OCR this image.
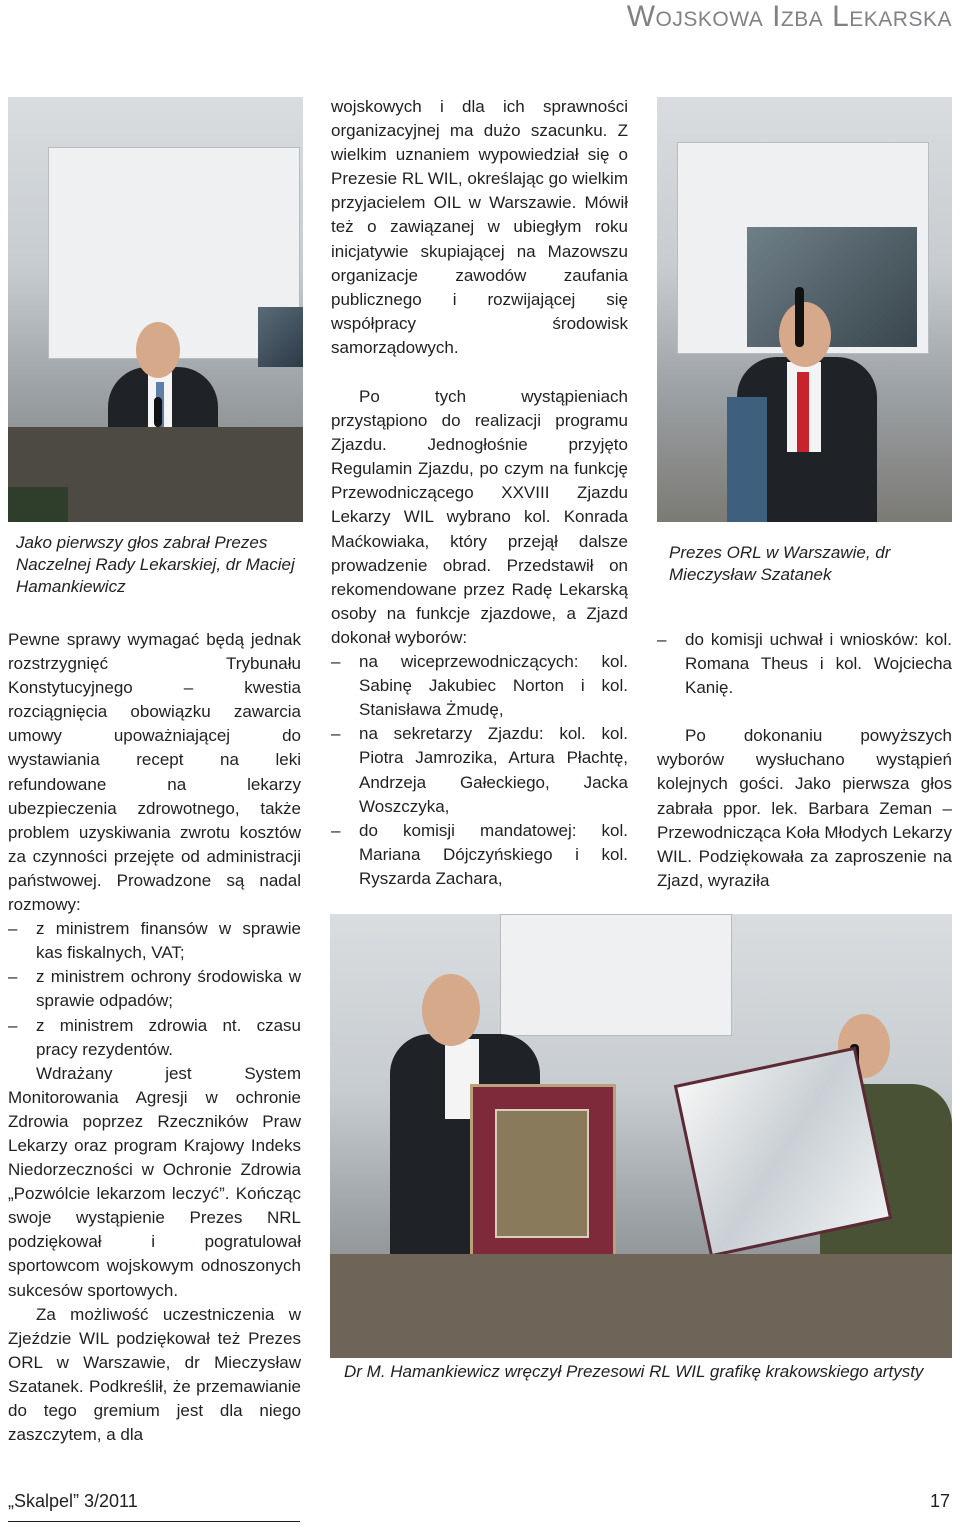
Wojskowa Izba Lekarska
Jako pierwszy głos zabrał Prezes Naczelnej Rady Lekarskiej, dr Maciej Hamankiewicz
Prezes ORL w Warszawie, dr Mieczysław Szatanek
Dr M. Hamankiewicz wręczył Prezesowi RL WIL grafikę krakowskiego artysty

wojskowych i dla ich sprawności organizacyjnej ma dużo szacunku. Z wielkim uznaniem wypowiedział się o Prezesie RL WIL, określając go wielkim przyjacielem OIL w Warszawie. Mówił też o zawiązanej w ubiegłym roku inicjatywie skupiającej na Mazowszu organizacje zawodów zaufania publicznego i rozwijającej się współpracy środowisk samorządowych.

Po tych wystąpieniach przystąpiono do realizacji programu Zjazdu. Jednogłośnie przyjęto Regulamin Zjazdu, po czym na funkcję Przewodniczącego XXVIII Zjazdu Lekarzy WIL wybrano kol. Konrada Maćkowiaka, który przejął dalsze prowadzenie obrad. Przedstawił on rekomendowane przez Radę Lekarską osoby na funkcje zjazdowe, a Zjazd dokonał wyborów:

– na wiceprzewodniczących: kol. Sabinę Jakubiec Norton i kol. Stanisława Żmudę,
– na sekretarzy Zjazdu: kol. kol. Piotra Jamrozika, Artura Płachtę, Andrzeja Gałeckiego, Jacka Woszczyka,
– do komisji mandatowej: kol. Mariana Dójczyńskiego i kol. Ryszarda Zachara,

Pewne sprawy wymagać będą jednak rozstrzygnięć Trybunału Konstytucyjnego – kwestia rozciągnięcia obowiązku zawarcia umowy upoważniającej do wystawiania recept na leki refundowane na lekarzy ubezpieczenia zdrowotnego, także problem uzyskiwania zwrotu kosztów za czynności przejęte od administracji państwowej. Prowadzone są nadal rozmowy:

– z ministrem finansów w sprawie kas fiskalnych, VAT;
– z ministrem ochrony środowiska w sprawie odpadów;
– z ministrem zdrowia nt. czasu pracy rezydentów.

Wdrażany jest System Monitorowania Agresji w ochronie Zdrowia poprzez Rzeczników Praw Lekarzy oraz program Krajowy Indeks Niedorzeczności w Ochronie Zdrowia „Pozwólcie lekarzom leczyć”. Kończąc swoje wystąpienie Prezes NRL podziękował i pogratulował sportowcom wojskowym odnoszonych sukcesów sportowych.

Za możliwość uczestniczenia w Zjeździe WIL podziękował też Prezes ORL w Warszawie, dr Mieczysław Szatanek. Podkreślił, że przemawianie do tego gremium jest dla niego zaszczytem, a dla

– do komisji uchwał i wniosków: kol. Romana Theus i kol. Wojciecha Kanię.

Po dokonaniu powyższych wyborów wysłuchano wystąpień kolejnych gości. Jako pierwsza głos zabrała ppor. lek. Barbara Zeman – Przewodnicząca Koła Młodych Lekarzy WIL. Podziękowała za zaproszenie na Zjazd, wyraziła

„Skalpel” 3/2011	17
